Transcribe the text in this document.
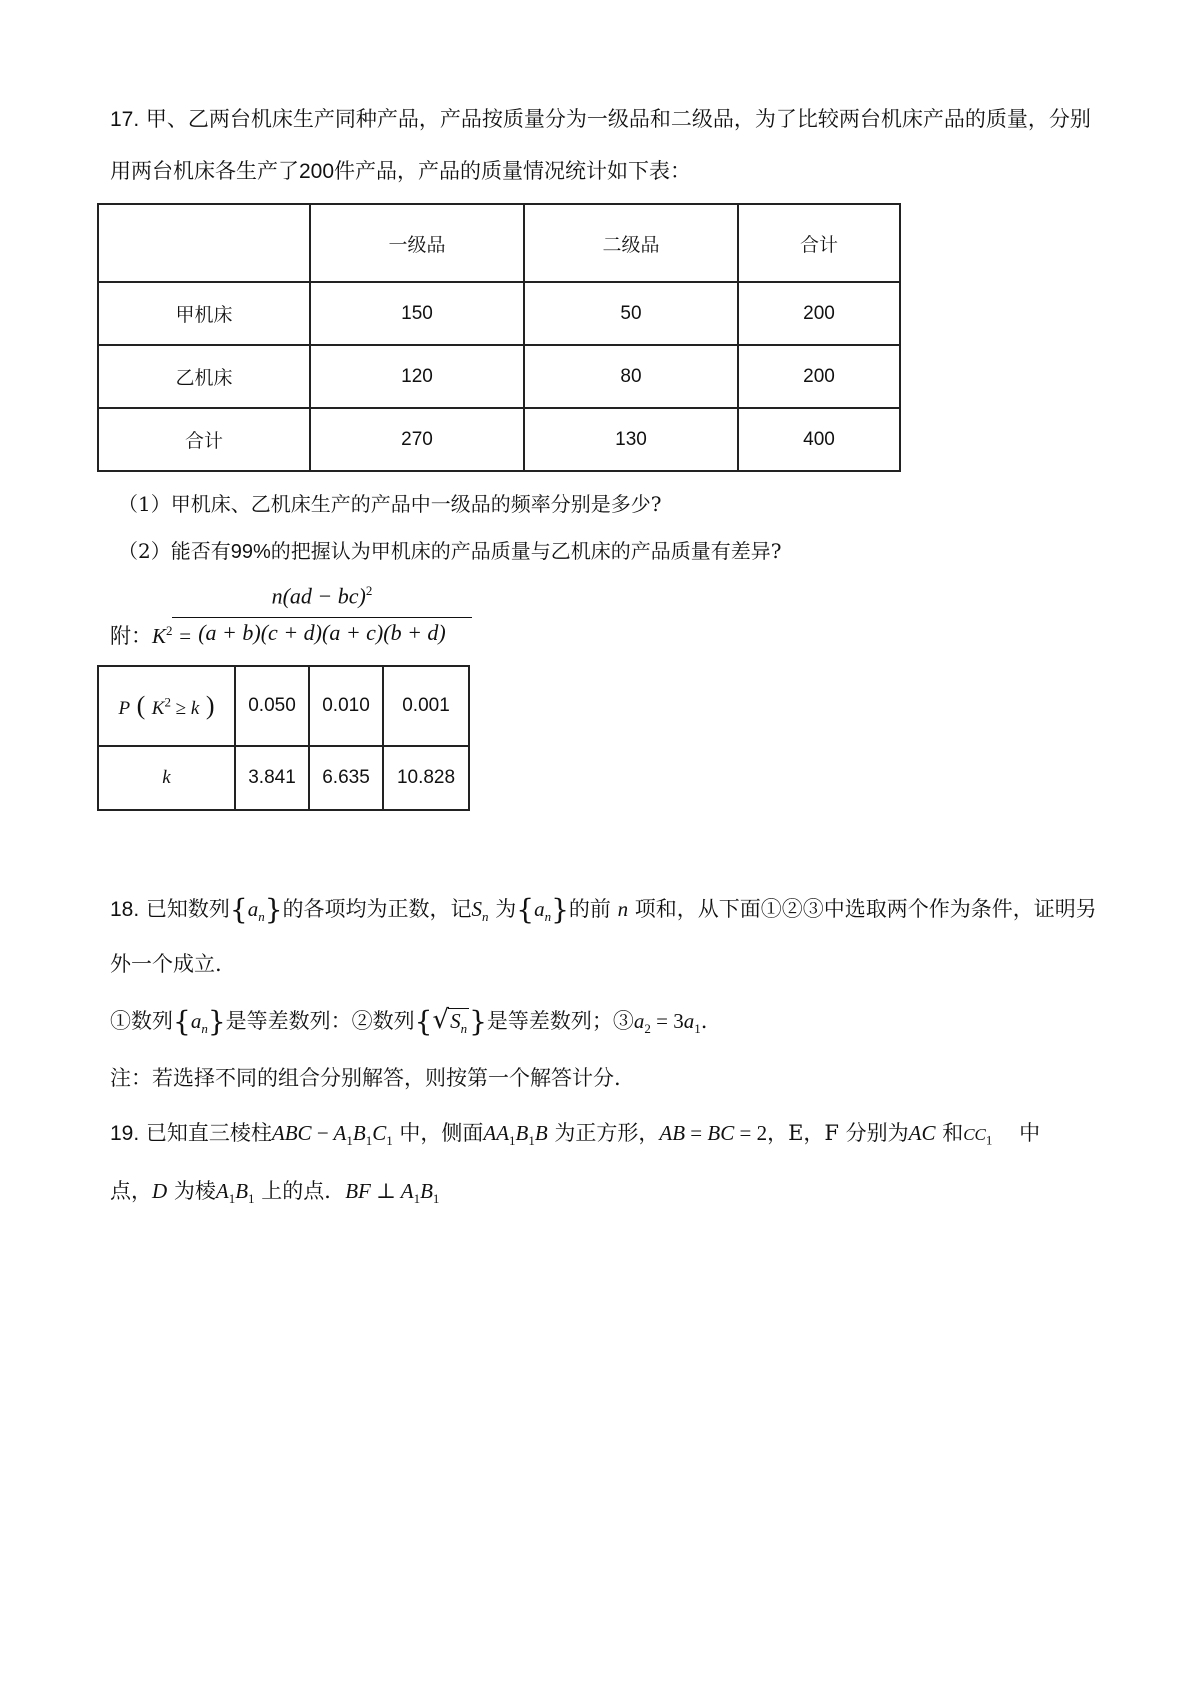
17. 甲、乙两台机床生产同种产品，产品按质量分为一级品和二级品，为了比较两台机床产品的质量，分别
用两台机床各生产了200件产品，产品的质量情况统计如下表：
	一级品	二级品	合计
甲机床	150	50	200
乙机床	120	80	200
合计	270	130	400
（1）甲机床、乙机床生产的产品中一级品的频率分别是多少?
（2）能否有99%的把握认为甲机床的产品质量与乙机床的产品质量有差异?
附：$K^2$ =
n(ad − bc)$^2$
(a + b)(c + d)(a + c)(b + d)
P ( $K^2 \ge k$ )	0.050	0.010	0.001
k	3.841	6.635	10.828
18. 已知数列$\{a_n\}$的各项均为正数，记$S_n$ 为$\{a_n\}$的前 n 项和，从下面①②③中选取两个作为条件，证明另
外一个成立.
①数列$\{a_n\}$是等差数列：②数列$\{√S_n\}$是等差数列；$③a_2 = 3a_1$.
注：若选择不同的组合分别解答，则按第一个解答计分.
19. 已知直三棱柱ABC − $A_1B_1C_1$ 中，侧面$AA_1B_1B$ 为正方形，AB = BC = 2，E，F 分别为AC 和$CC_1$ 中
点，D 为棱$A_1B_1$ 上的点．BF ⊥ $A_1B_1$
